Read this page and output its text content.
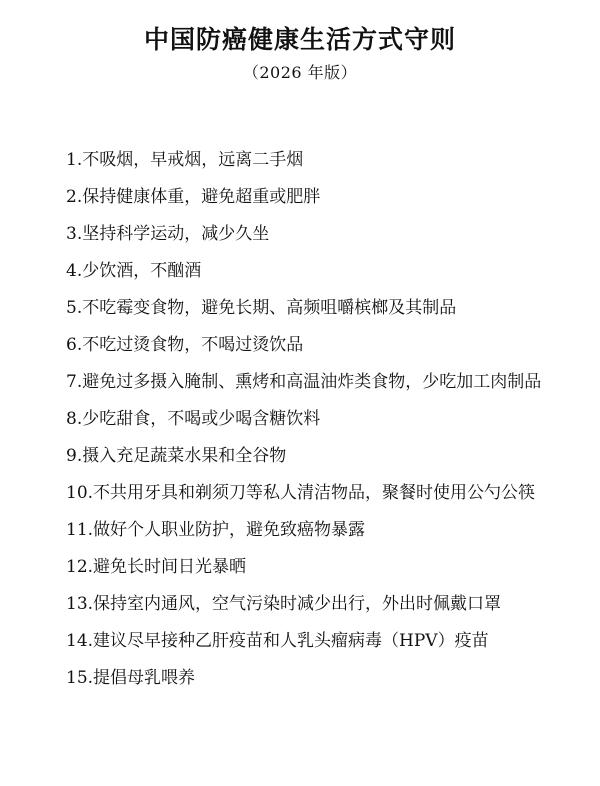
中国防癌健康生活方式守则
（2026 年版）
1.不吸烟，早戒烟，远离二手烟
2.保持健康体重，避免超重或肥胖
3.坚持科学运动，减少久坐
4.少饮酒，不酗酒
5.不吃霉变食物，避免长期、高频咀嚼槟榔及其制品
6.不吃过烫食物，不喝过烫饮品
7.避免过多摄入腌制、熏烤和高温油炸类食物，少吃加工肉制品
8.少吃甜食，不喝或少喝含糖饮料
9.摄入充足蔬菜水果和全谷物
10.不共用牙具和剃须刀等私人清洁物品，聚餐时使用公勺公筷
11.做好个人职业防护，避免致癌物暴露
12.避免长时间日光暴晒
13.保持室内通风，空气污染时减少出行，外出时佩戴口罩
14.建议尽早接种乙肝疫苗和人乳头瘤病毒（HPV）疫苗
15.提倡母乳喂养
